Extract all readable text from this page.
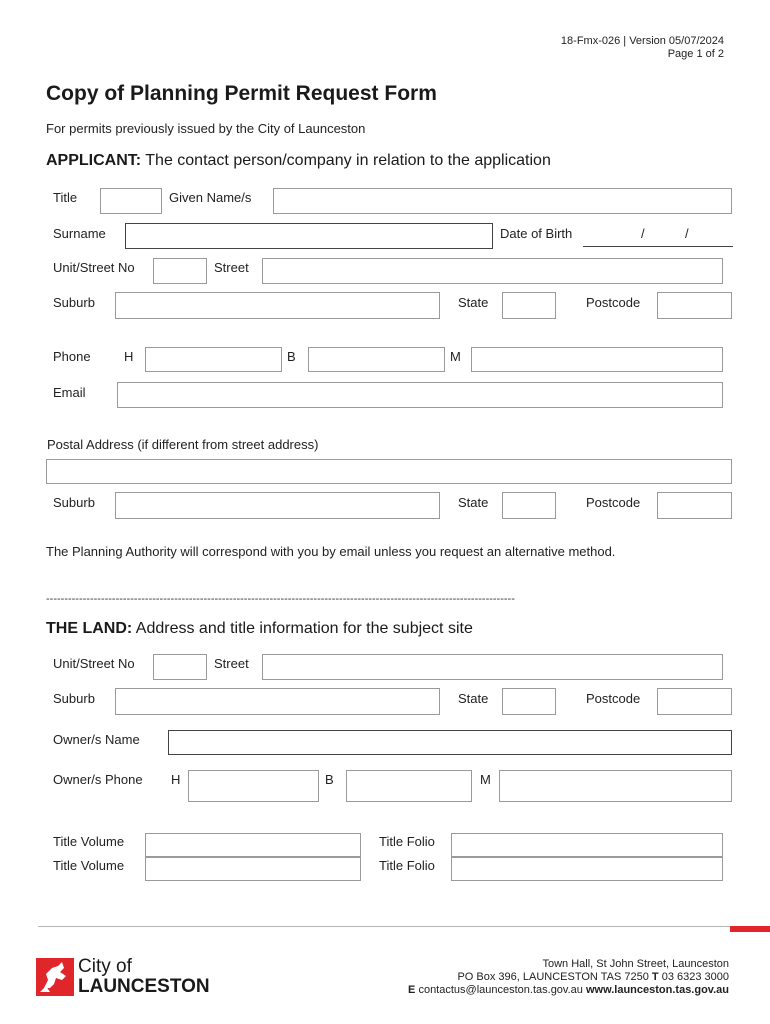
18-Fmx-026 | Version 05/07/2024
Page 1 of 2
Copy of Planning Permit Request Form
For permits previously issued by the City of Launceston
APPLICANT: The contact person/company in relation to the application
Title	Given Name/s
Surname	Date of Birth	/	/
Unit/Street No	Street
Suburb	State	Postcode
Phone	H	B	M
Email
Postal Address (if different from street address)
Suburb	State	Postcode
The Planning Authority will correspond with you by email unless you request an alternative method.
--------------------------------------------------------------------------------------------------------------------------------
THE LAND: Address and title information for the subject site
Unit/Street No	Street
Suburb	State	Postcode
Owner/s Name
Owner/s Phone H	B	M
Title Volume	Title Folio
Title Volume	Title Folio
City of
LAUNCESTON
Town Hall, St John Street, Launceston
PO Box 396, LAUNCESTON TAS 7250 T 03 6323 3000
E contactus@launceston.tas.gov.au www.launceston.tas.gov.au
